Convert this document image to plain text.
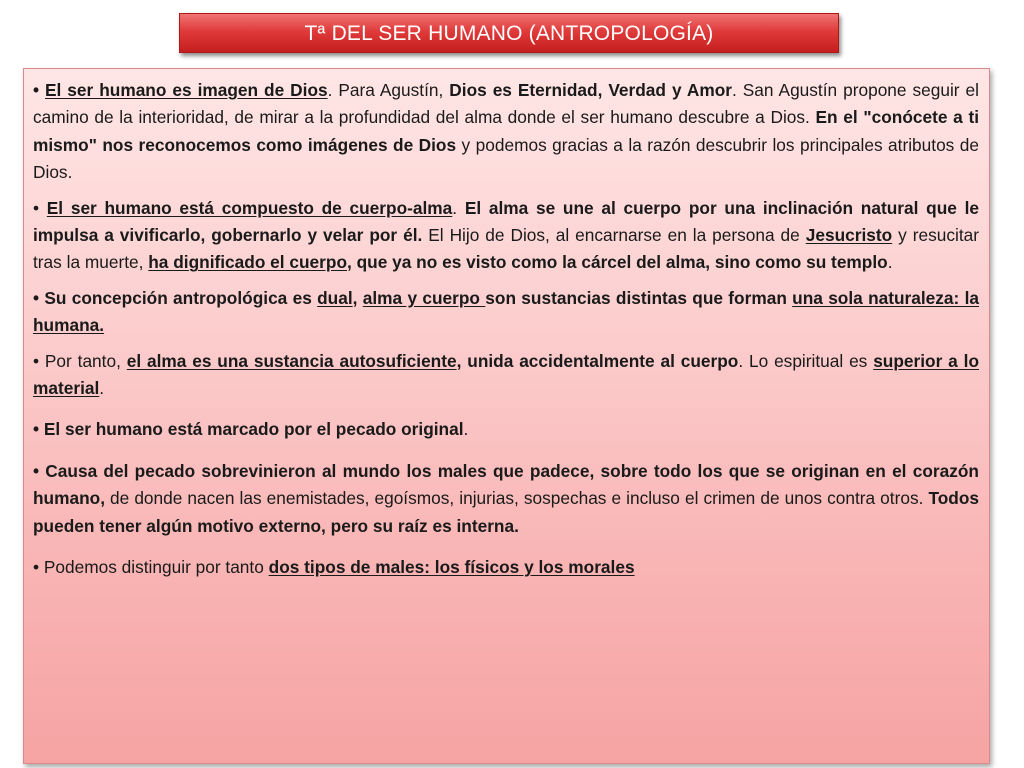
Tª DEL SER HUMANO (ANTROPOLOGÍA)

• El ser humano es imagen de Dios. Para Agustín, Dios es Eternidad, Verdad y Amor. San Agustín propone seguir el camino de la interioridad, de mirar a la profundidad del alma donde el ser humano descubre a Dios. En el "conócete a ti mismo" nos reconocemos como imágenes de Dios y podemos gracias a la razón descubrir los principales atributos de Dios.

• El ser humano está compuesto de cuerpo-alma. El alma se une al cuerpo por una inclinación natural que le impulsa a vivificarlo, gobernarlo y velar por él. El Hijo de Dios, al encarnarse en la persona de Jesucristo y resucitar tras la muerte, ha dignificado el cuerpo, que ya no es visto como la cárcel del alma, sino como su templo.

• Su concepción antropológica es dual, alma y cuerpo son sustancias distintas que forman una sola naturaleza: la humana.

• Por tanto, el alma es una sustancia autosuficiente, unida accidentalmente al cuerpo. Lo espiritual es superior a lo material.

• El ser humano está marcado por el pecado original.

• Causa del pecado sobrevinieron al mundo los males que padece, sobre todo los que se originan en el corazón humano, de donde nacen las enemistades, egoísmos, injurias, sospechas e incluso el crimen de unos contra otros. Todos pueden tener algún motivo externo, pero su raíz es interna.

• Podemos distinguir por tanto dos tipos de males: los físicos y los morales
